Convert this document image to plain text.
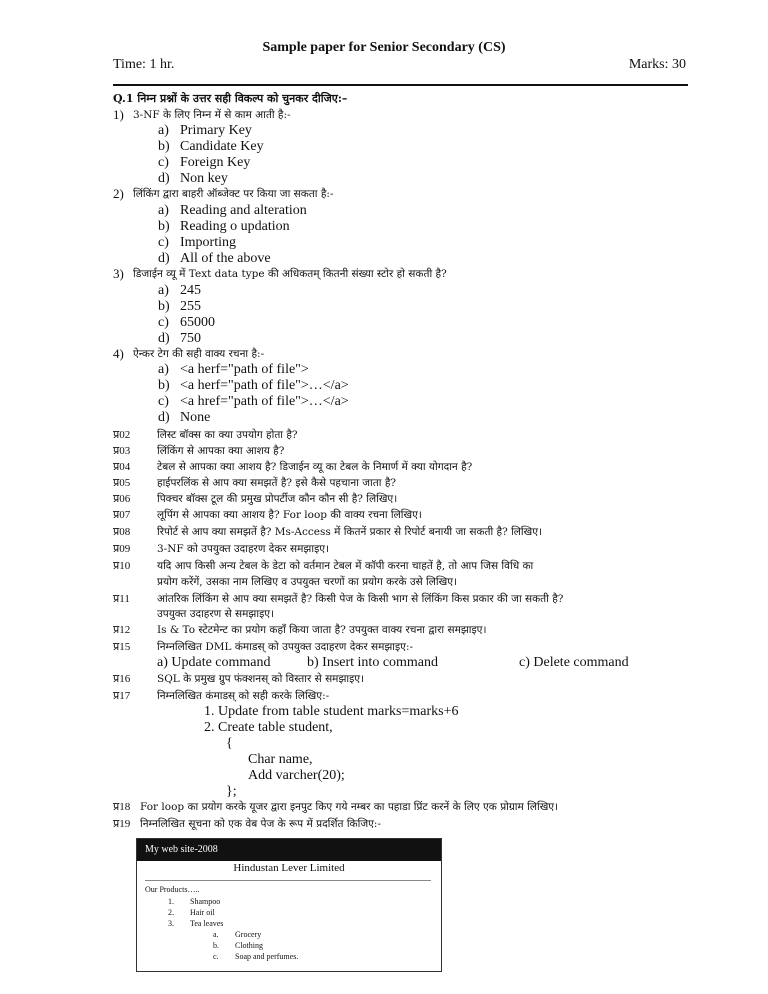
Sample paper for Senior Secondary (CS)
Time: 1 hr.	Marks: 30
Q.1 निम्न प्रश्नों के उत्तर सही विकल्प को चुनकर दीजिए:–
1) 3-NF के लिए निम्न में से काम आती है:-
a) Primary Key
b) Candidate Key
c) Foreign Key
d) Non key
2) लिंकिंग द्वारा बाहरी ऑब्जेक्ट पर किया जा सकता है:-
a) Reading and alteration
b) Reading o updation
c) Importing
d) All of the above
3) डिजाईन व्यू में Text data type की अधिकतम् कितनी संख्या स्टोर हो सकती है?
a) 245
b) 255
c) 65000
d) 750
4) ऐन्कर टेग की सही वाक्य रचना है:-
a) <a herf="path of file">
b) <a herf="path of file">…</a>
c) <a href="path of file">…</a>
d) None
प्र02	लिस्ट बॉक्स का क्या उपयोग होता है?
प्र03	लिंकिंग से आपका क्या आशय है?
प्र04	टेबल से आपका क्या आशय है? डिजाईन व्यू का टेबल के निमार्ण में क्या योगदान है?
प्र05	हाईपरलिंक से आप क्या समझतें है? इसे कैसे पहचाना जाता है?
प्र06	पिक्चर बॉक्स टूल की प्रमुख प्रोपर्टीज कौन कौन सी है? लिखिए।
प्र07	लूपिंग से आपका क्या आशय है? For loop की वाक्य रचना लिखिए।
प्र08	रिपोर्ट से आप क्या समझतें है? Ms-Access में कितनें प्रकार से रिपोर्ट बनायी जा सकती है? लिखिए।
प्र09	3-NF को उपयुक्त उदाहरण देकर समझाइए।
प्र10	यदि आप किसी अन्य टेबल के डेटा को वर्तमान टेबल में कॉपी करना चाहतें है, तो आप जिस विधि का
प्रयोग करेंगें, उसका नाम लिखिए व उपयुक्त चरणों का प्रयोग करके उसे लिखिए।
प्र11	आंतरिक लिंकिंग से आप क्या समझतें है? किसी पेज के किसी भाग से लिंकिंग किस प्रकार की जा सकती है?
उपयुक्त उदाहरण से समझाइए।
प्र12	Is & To स्टेटमेन्ट का प्रयोग कहाँ किया जाता है? उपयुक्त वाक्य रचना द्वारा समझाइए।
प्र15	निम्नलिखित DML कंमाडस् को उपयुक्त उदाहरण देकर समझाइए:-
a) Update command	b) Insert into command	c) Delete command
प्र16	SQL के प्रमुख ग्रुप फंक्शनस् को विस्तार से समझाइए।
प्र17	निम्नलिखित कंमाडस् को सही करके लिखिए:-
1. Update from table student marks=marks+6
2. Create table student,
{
Char name,
Add varcher(20);
};
प्र18 For loop का प्रयोग करके यूजर द्वारा इनपुट किए गये नम्बर का पहाडा प्रिंट करनें के लिए एक प्रोग्राम लिखिए।
प्र19 निम्नलिखित सूचना को एक वेब पेज के रूप में प्रदर्शित किजिए:-
My web site-2008
Hindustan Lever Limited
Our Products…..
1. Shampoo
2. Hair oil
3. Tea leaves
a. Grocery
b. Clothing
c. Soap and perfumes.
